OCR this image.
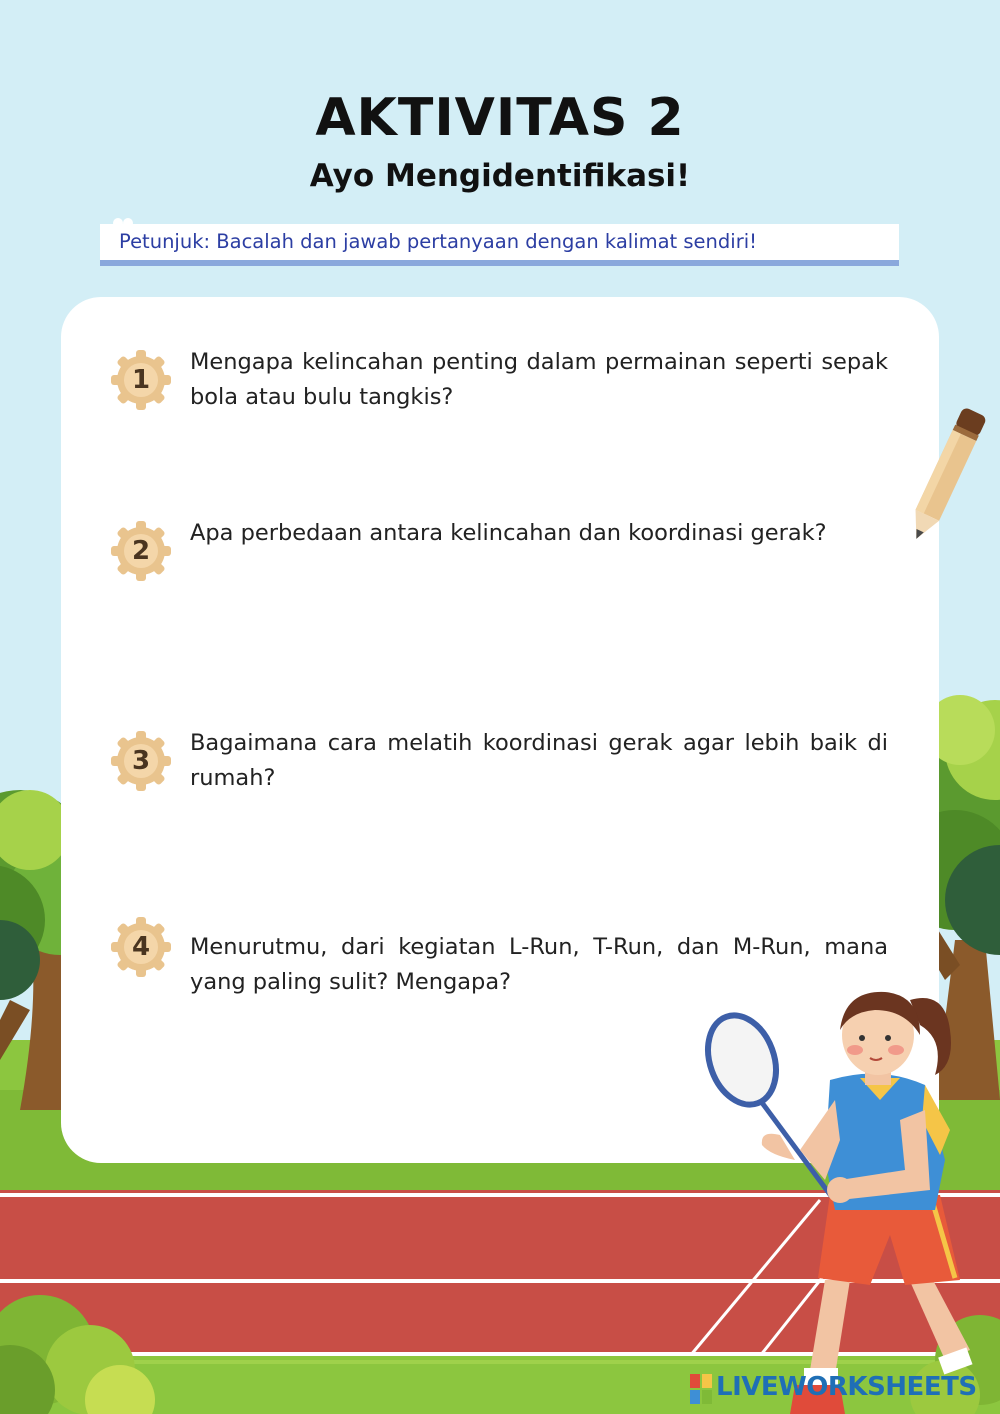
AKTIVITAS 2
Ayo Mengidentifikasi!
Petunjuk: Bacalah dan jawab pertanyaan dengan kalimat sendiri!
1
Mengapa kelincahan penting dalam permainan seperti sepak bola atau bulu tangkis?
2
Apa perbedaan antara kelincahan dan koordinasi gerak?
3
Bagaimana cara melatih koordinasi gerak agar lebih baik di rumah?
4	Menurutmu, dari kegiatan L-Run, T-Run, dan M-Run, mana yang paling sulit? Mengapa?
LIVEWORKSHEETS
